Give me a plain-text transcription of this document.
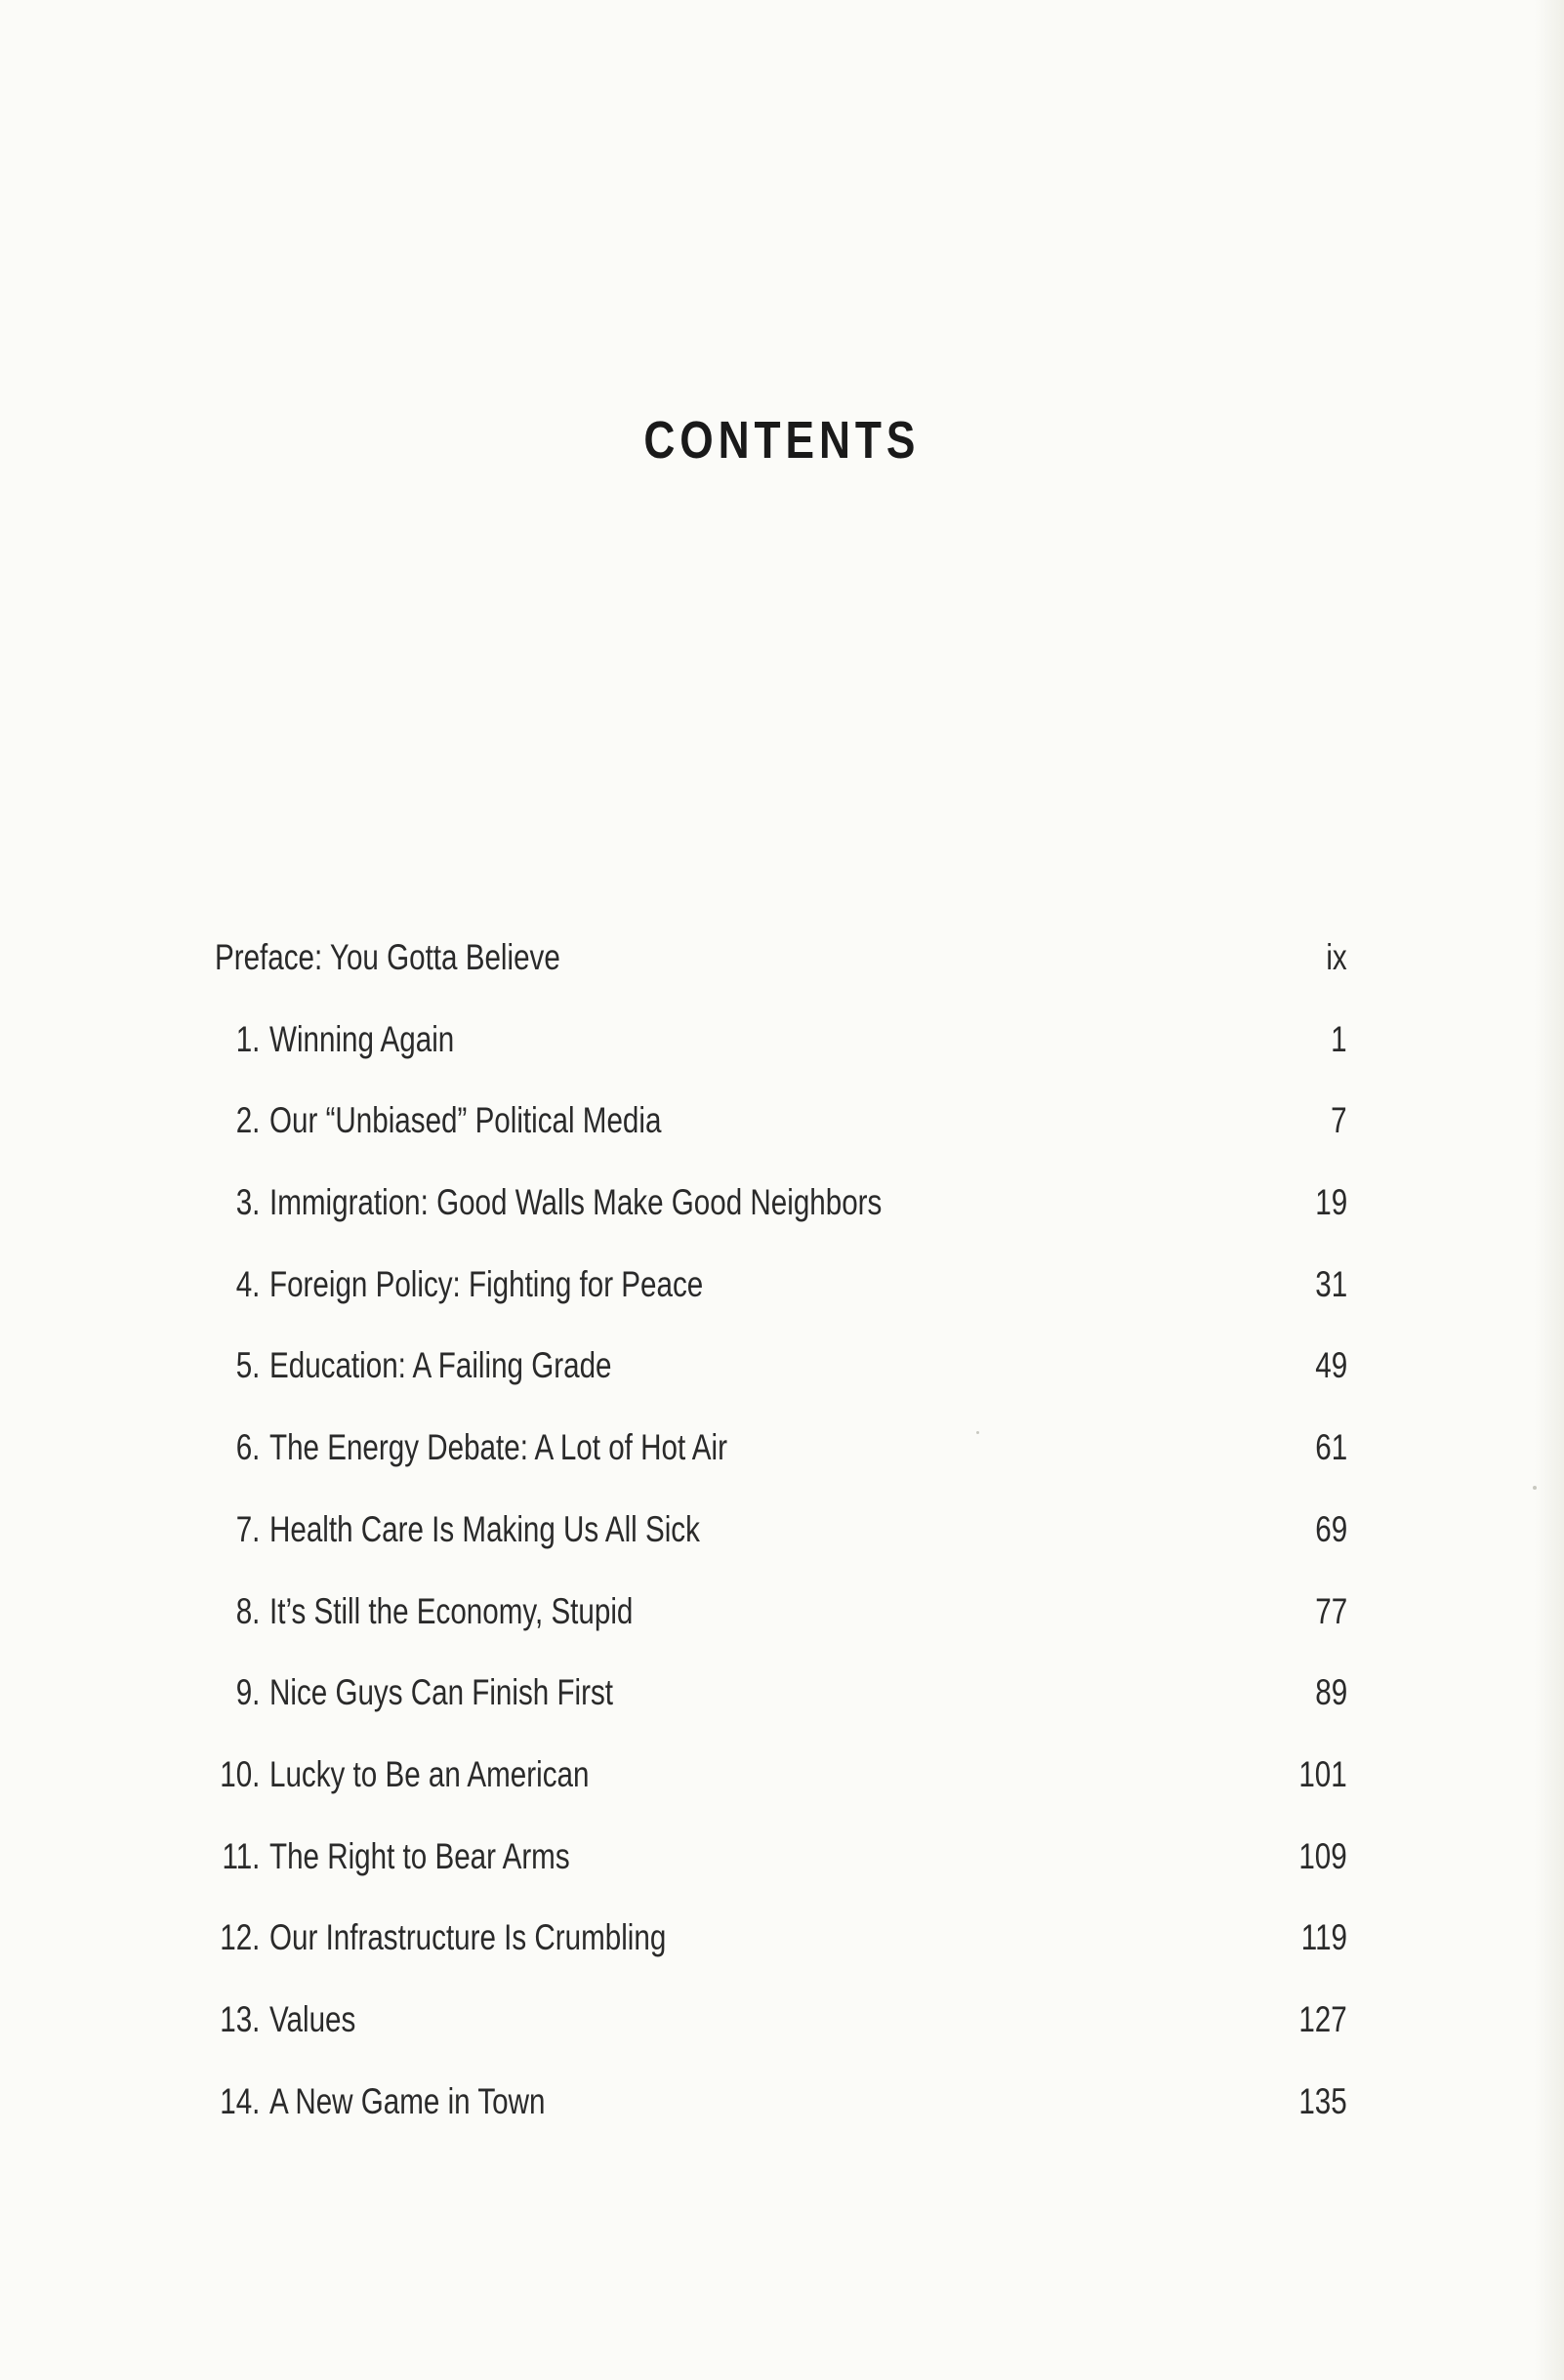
CONTENTS
Preface: You Gotta Believe	ix
1. Winning Again	1
2. Our “Unbiased” Political Media	7
3. Immigration: Good Walls Make Good Neighbors	19
4. Foreign Policy: Fighting for Peace	31
5. Education: A Failing Grade	49
6. The Energy Debate: A Lot of Hot Air	61
7. Health Care Is Making Us All Sick	69
8. It’s Still the Economy, Stupid	77
9. Nice Guys Can Finish First	89
10. Lucky to Be an American	101
11. The Right to Bear Arms	109
12. Our Infrastructure Is Crumbling	119
13. Values	127
14. A New Game in Town	135
